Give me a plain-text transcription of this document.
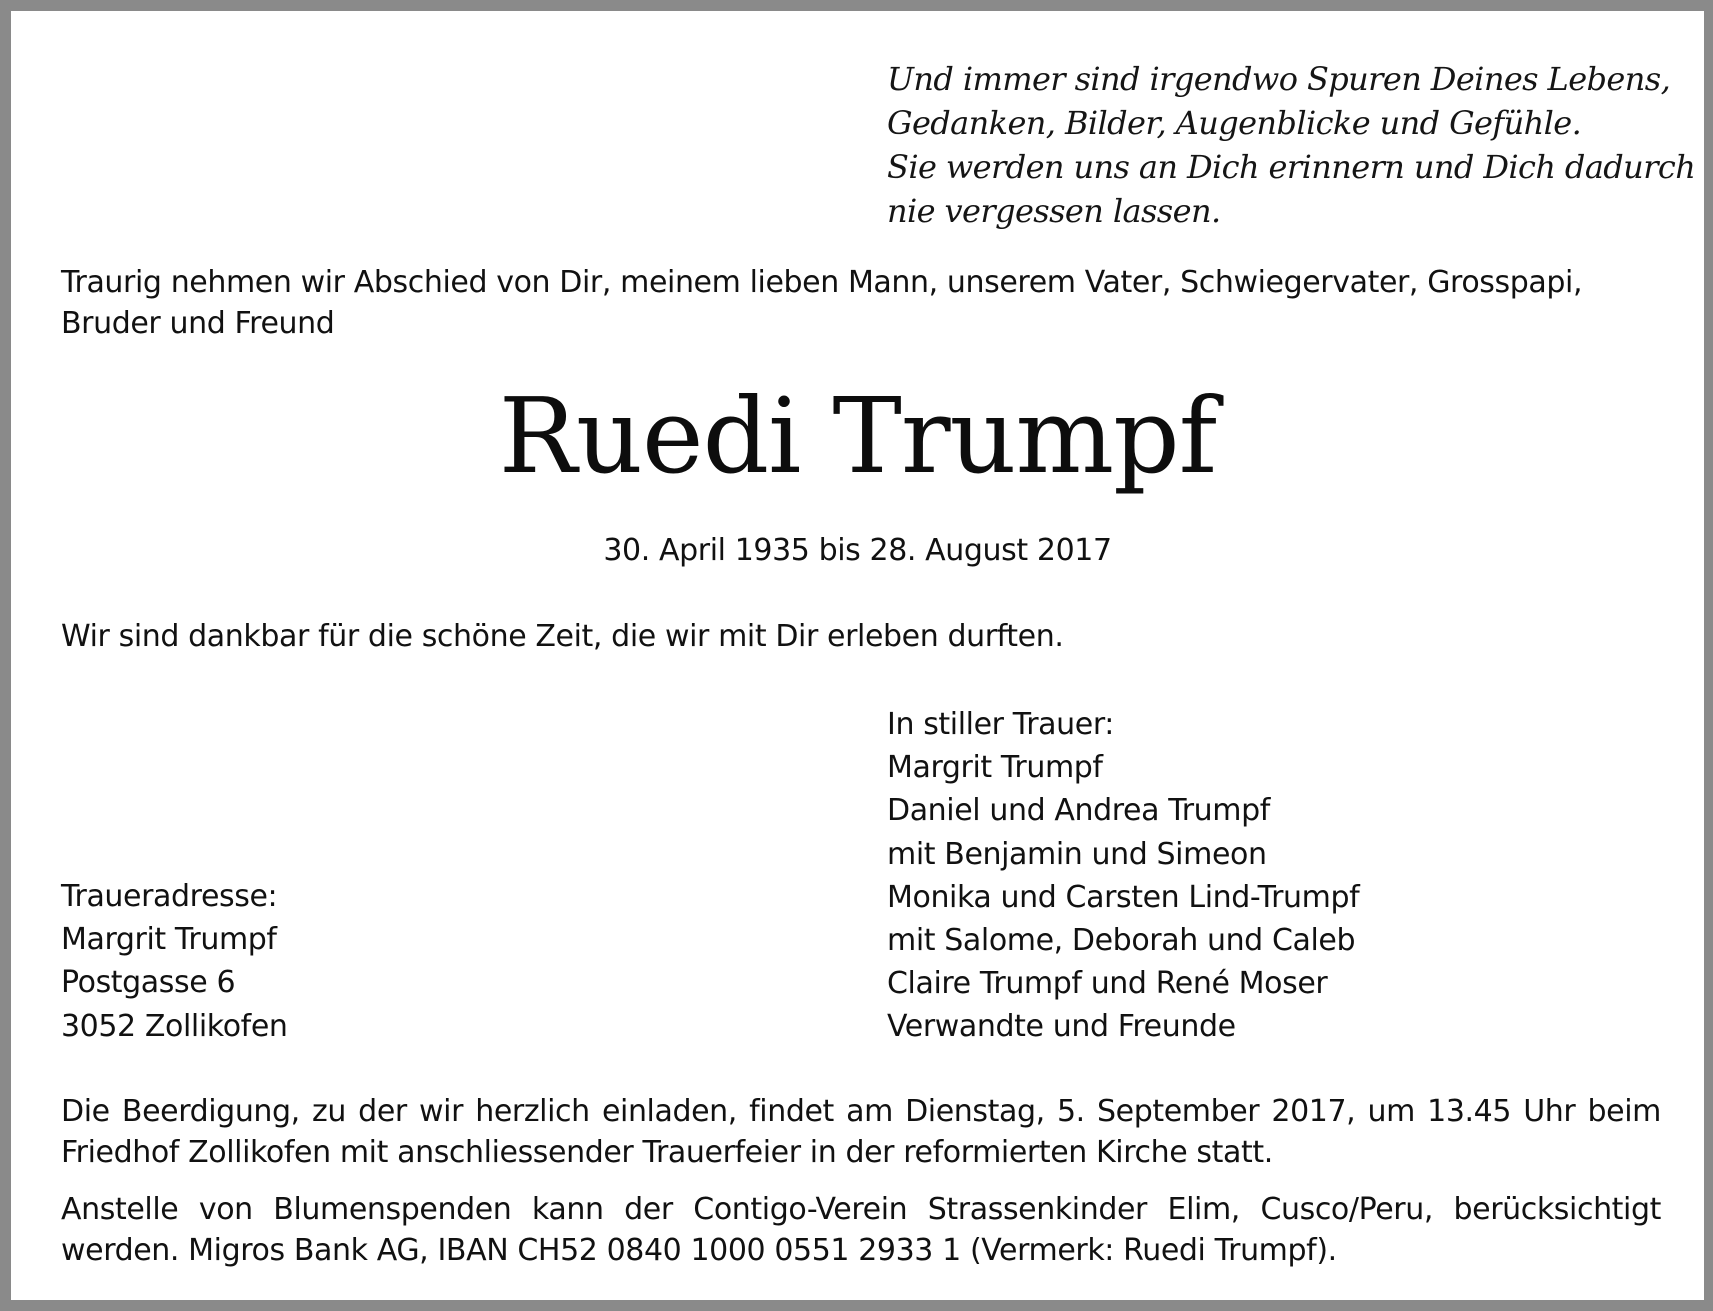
Und immer sind irgendwo Spuren Deines Lebens,
Gedanken, Bilder, Augenblicke und Gefühle.
Sie werden uns an Dich erinnern und Dich dadurch
nie vergessen lassen.
Traurig nehmen wir Abschied von Dir, meinem lieben Mann, unserem Vater, Schwiegervater, Grosspapi, Bruder und Freund
Ruedi Trumpf
30. April 1935 bis 28. August 2017
Wir sind dankbar für die schöne Zeit, die wir mit Dir erleben durften.
In stiller Trauer:
Margrit Trumpf
Daniel und Andrea Trumpf
mit Benjamin und Simeon
Monika und Carsten Lind-Trumpf
mit Salome, Deborah und Caleb
Claire Trumpf und René Moser
Verwandte und Freunde
Traueradresse:
Margrit Trumpf
Postgasse 6
3052 Zollikofen
Die Beerdigung, zu der wir herzlich einladen, findet am Dienstag, 5. September 2017, um 13.45 Uhr beim Friedhof Zollikofen mit anschliessender Trauerfeier in der reformierten Kirche statt.
Anstelle von Blumenspenden kann der Contigo-Verein Strassenkinder Elim, Cusco/Peru, berücksichtigt werden. Migros Bank AG, IBAN CH52 0840 1000 0551 2933 1 (Vermerk: Ruedi Trumpf).
